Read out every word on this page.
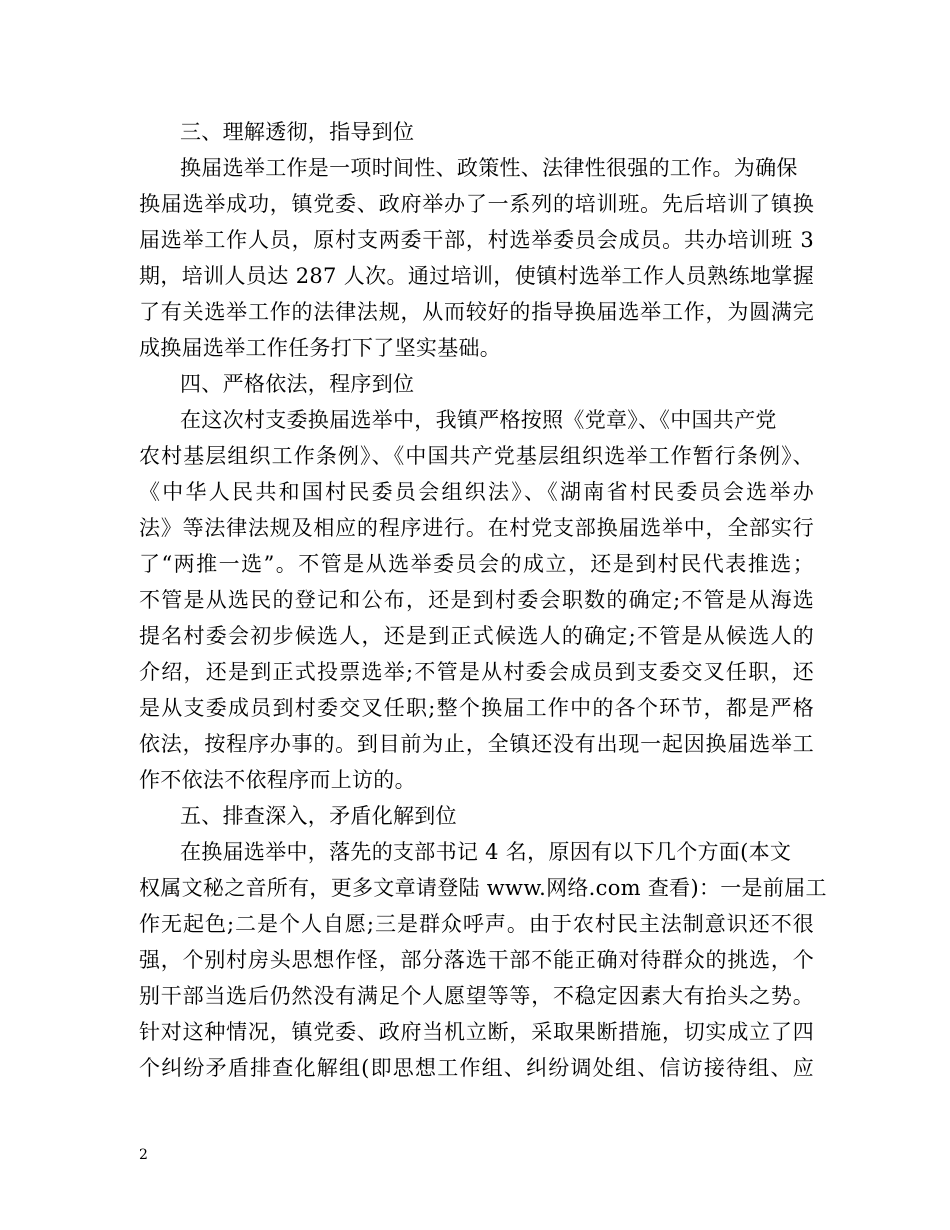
三、理解透彻，指导到位
换届选举工作是一项时间性、政策性、法律性很强的工作。为确保
换届选举成功，镇党委、政府举办了一系列的培训班。先后培训了镇换
届选举工作人员，原村支两委干部，村选举委员会成员。共办培训班 3
期，培训人员达 287 人次。通过培训，使镇村选举工作人员熟练地掌握
了有关选举工作的法律法规，从而较好的指导换届选举工作，为圆满完
成换届选举工作任务打下了坚实基础。
四、严格依法，程序到位
在这次村支委换届选举中，我镇严格按照《党章》、《中国共产党
农村基层组织工作条例》、《中国共产党基层组织选举工作暂行条例》、
《中华人民共和国村民委员会组织法》、《湖南省村民委员会选举办
法》等法律法规及相应的程序进行。在村党支部换届选举中，全部实行
了“两推一选”。不管是从选举委员会的成立，还是到村民代表推选；
不管是从选民的登记和公布，还是到村委会职数的确定;不管是从海选
提名村委会初步候选人，还是到正式候选人的确定;不管是从候选人的
介绍，还是到正式投票选举;不管是从村委会成员到支委交叉任职，还
是从支委成员到村委交叉任职;整个换届工作中的各个环节，都是严格
依法，按程序办事的。到目前为止，全镇还没有出现一起因换届选举工
作不依法不依程序而上访的。
五、排查深入，矛盾化解到位
在换届选举中，落先的支部书记 4 名，原因有以下几个方面(本文
权属文秘之音所有，更多文章请登陆 www.网络.com 查看)：一是前届工
作无起色;二是个人自愿;三是群众呼声。由于农村民主法制意识还不很
强，个别村房头思想作怪，部分落选干部不能正确对待群众的挑选，个
别干部当选后仍然没有满足个人愿望等等，不稳定因素大有抬头之势。
针对这种情况，镇党委、政府当机立断，采取果断措施，切实成立了四
个纠纷矛盾排查化解组(即思想工作组、纠纷调处组、信访接待组、应
2
